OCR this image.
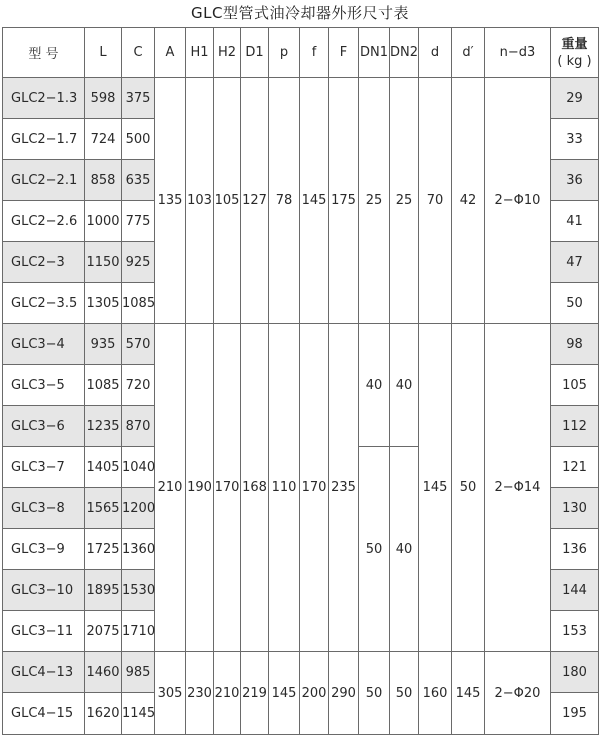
GLC型管式油冷却器外形尺寸表
型 号	L	C	A	H1	H2	D1	p	f	F	DN1	DN2	d	d′	n−d3	重量
( kg )

GLC2−1.3	598	375	135	103	105	127	78	145	175	25	25	70	42	2−Φ10	29
GLC2−1.7	724	500													33
GLC2−2.1	858	635													36
GLC2−2.6	1000	775													41
GLC2−3	1150	925													47
GLC2−3.5	1305	1085													50
GLC3−4	935	570	210	190	170	168	110	170	235	40	40	145	50	2−Φ14	98
GLC3−5	1085	720													105
GLC3−6	1235	870													112
GLC3−7	1405	1040								50	40				121
GLC3−8	1565	1200													130
GLC3−9	1725	1360													136
GLC3−10	1895	1530													144
GLC3−11	2075	1710													153
GLC4−13	1460	985	305	230	210	219	145	200	290	50	50	160	145	2−Φ20	180
GLC4−15	1620	1145													195
